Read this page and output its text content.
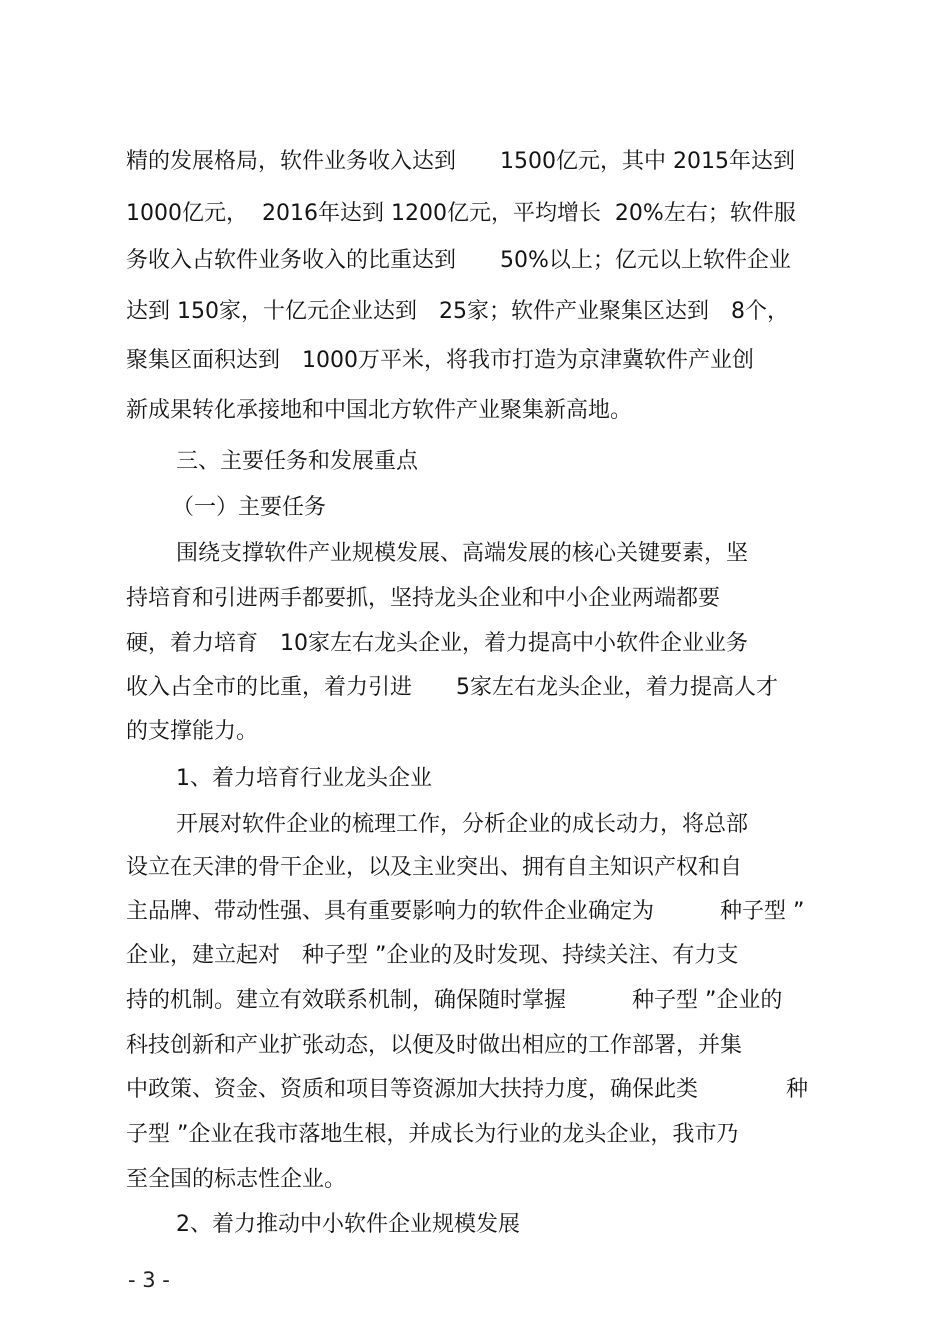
精的发展格局，软件业务收入达到　　1500亿元，其中 2015年达到
1000亿元，  2016年达到 1200亿元，平均增长  20%左右；软件服
务收入占软件业务收入的比重达到　　50%以上；亿元以上软件企业
达到 150家，十亿元企业达到　25家；软件产业聚集区达到　8个，
聚集区面积达到　1000万平米，将我市打造为京津冀软件产业创
新成果转化承接地和中国北方软件产业聚集新高地。
三、主要任务和发展重点
（一）主要任务
围绕支撑软件产业规模发展、高端发展的核心关键要素，坚
持培育和引进两手都要抓，坚持龙头企业和中小企业两端都要
硬，着力培育　10家左右龙头企业，着力提高中小软件企业业务
收入占全市的比重，着力引进　　5家左右龙头企业，着力提高人才
的支撑能力。
1、着力培育行业龙头企业
开展对软件企业的梳理工作，分析企业的成长动力，将总部
设立在天津的骨干企业，以及主业突出、拥有自主知识产权和自
主品牌、带动性强、具有重要影响力的软件企业确定为　　　种子型 ”
企业，建立起对　种子型 ”企业的及时发现、持续关注、有力支
持的机制。建立有效联系机制，确保随时掌握　　　种子型 ”企业的
科技创新和产业扩张动态，以便及时做出相应的工作部署，并集
中政策、资金、资质和项目等资源加大扶持力度，确保此类　　　　种
子型 ”企业在我市落地生根，并成长为行业的龙头企业，我市乃
至全国的标志性企业。
2、着力推动中小软件企业规模发展
- 3 -
